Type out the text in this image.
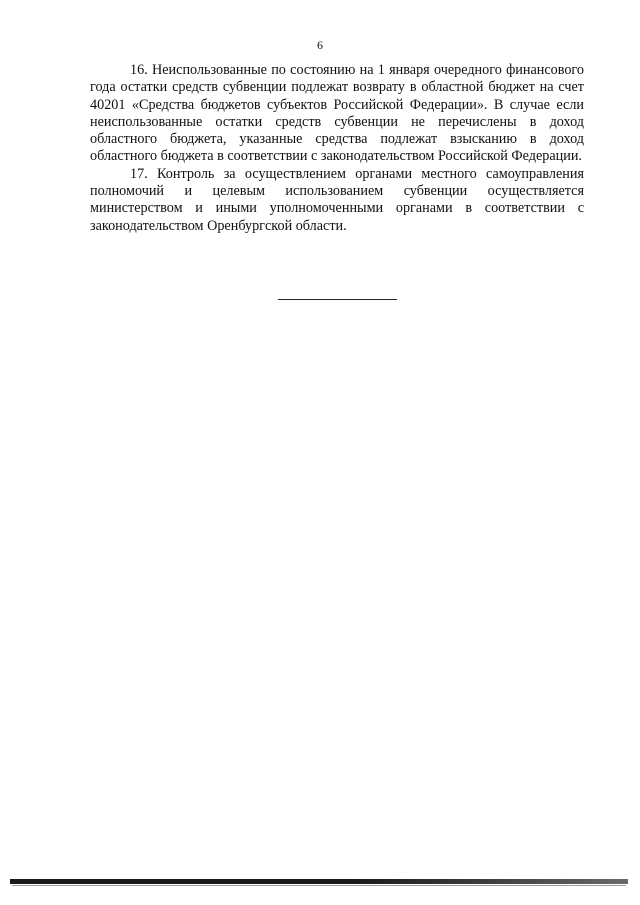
6

16. Неиспользованные по состоянию на 1 января очередного финансового года остатки средств субвенции подлежат возврату в областной бюджет на счет 40201 «Средства бюджетов субъектов Российской Федерации». В случае если неиспользованные остатки средств субвенции не перечислены в доход областного бюджета, указанные средства подлежат взысканию в доход областного бюджета в соответствии с законодательством Российской Федерации.

17. Контроль за осуществлением органами местного самоуправления полномочий и целевым использованием субвенции осуществляется министерством и иными уполномоченными органами в соответствии с законодательством Оренбургской области.
